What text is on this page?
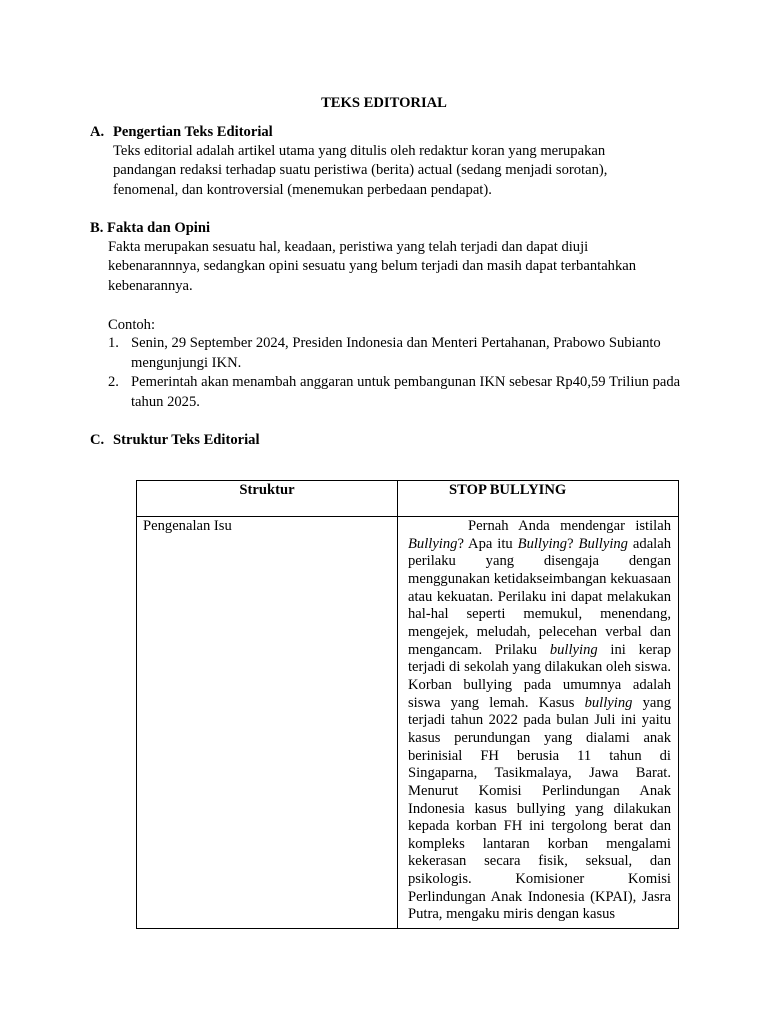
TEKS EDITORIAL
A. Pengertian Teks Editorial
Teks editorial adalah artikel utama yang ditulis oleh redaktur koran yang merupakan pandangan redaksi terhadap suatu peristiwa (berita) actual (sedang menjadi sorotan), fenomenal, dan kontroversial (menemukan perbedaan pendapat).
B. Fakta dan Opini
Fakta merupakan sesuatu hal, keadaan, peristiwa yang telah terjadi dan dapat diuji kebenarannnya, sedangkan opini sesuatu yang belum terjadi dan masih dapat terbantahkan kebenarannya.
Contoh:
1. Senin, 29 September 2024, Presiden Indonesia dan Menteri Pertahanan, Prabowo Subianto mengunjungi IKN.
2. Pemerintah akan menambah anggaran untuk pembangunan IKN sebesar Rp40,59 Triliun pada tahun 2025.
C. Struktur Teks Editorial
Struktur	STOP BULLYING
Pengenalan Isu	Pernah Anda mendengar istilah Bullying? Apa itu Bullying? Bullying adalah perilaku yang disengaja dengan menggunakan ketidakseimbangan kekuasaan atau kekuatan. Perilaku ini dapat melakukan hal-hal seperti memukul, menendang, mengejek, meludah, pelecehan verbal dan mengancam. Prilaku bullying ini kerap terjadi di sekolah yang dilakukan oleh siswa. Korban bullying pada umumnya adalah siswa yang lemah. Kasus bullying yang terjadi tahun 2022 pada bulan Juli ini yaitu kasus perundungan yang dialami anak berinisial FH berusia 11 tahun di Singaparna, Tasikmalaya, Jawa Barat. Menurut Komisi Perlindungan Anak Indonesia kasus bullying yang dilakukan kepada korban FH ini tergolong berat dan kompleks lantaran korban mengalami kekerasan secara fisik, seksual, dan psikologis. Komisioner Komisi Perlindungan Anak Indonesia (KPAI), Jasra Putra, mengaku miris dengan kasus
